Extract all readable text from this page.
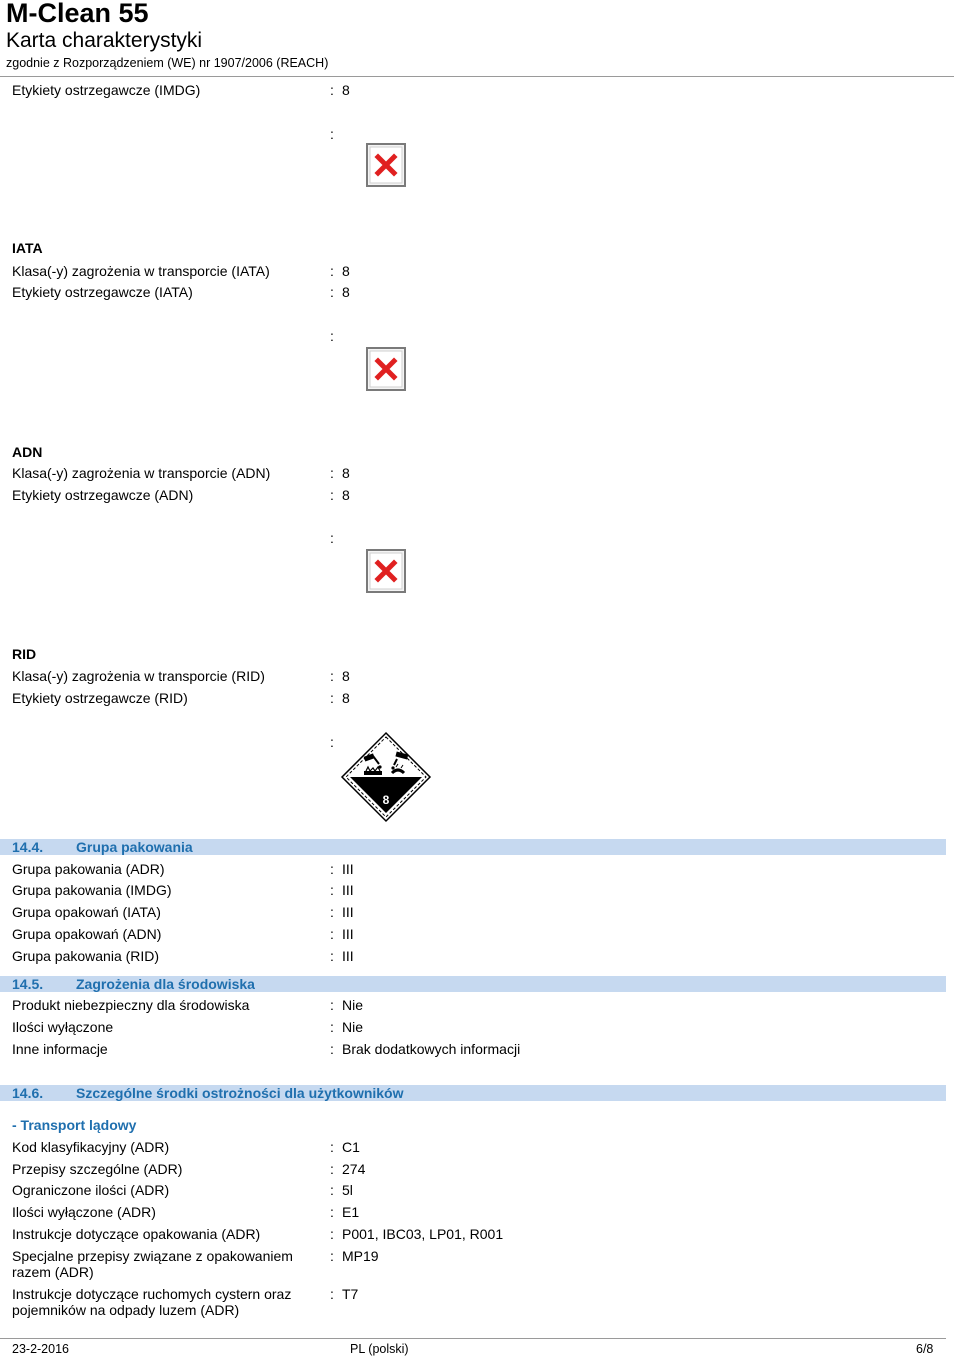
M-Clean 55
Karta charakterystyki
zgodnie z Rozporządzeniem (WE) nr 1907/2006 (REACH)
Etykiety ostrzegawcze (IMDG)	: 8
:
IATA
Klasa(-y) zagrożenia w transporcie (IATA)	: 8
Etykiety ostrzegawcze (IATA)	: 8
:
ADN
Klasa(-y) zagrożenia w transporcie (ADN)	: 8
Etykiety ostrzegawcze (ADN)	: 8
:
RID
Klasa(-y) zagrożenia w transporcie (RID)	: 8
Etykiety ostrzegawcze (RID)	: 8
:
8
14.4. Grupa pakowania
Grupa pakowania (ADR)	: III
Grupa pakowania (IMDG)	: III
Grupa opakowań (IATA)	: III
Grupa opakowań (ADN)	: III
Grupa pakowania (RID)	: III
14.5. Zagrożenia dla środowiska
Produkt niebezpieczny dla środowiska	: Nie
Ilości wyłączone	: Nie
Inne informacje	: Brak dodatkowych informacji
14.6. Szczególne środki ostrożności dla użytkowników
- Transport lądowy
Kod klasyfikacyjny (ADR)	: C1
Przepisy szczególne (ADR)	: 274
Ograniczone ilości (ADR)	: 5l
Ilości wyłączone (ADR)	: E1
Instrukcje dotyczące opakowania (ADR)	: P001, IBC03, LP01, R001
Specjalne przepisy związane z opakowaniem razem (ADR)
: MP19
Instrukcje dotyczące ruchomych cystern oraz pojemników na odpady luzem (ADR)
: T7
23-2-2016	PL (polski)	6/8
